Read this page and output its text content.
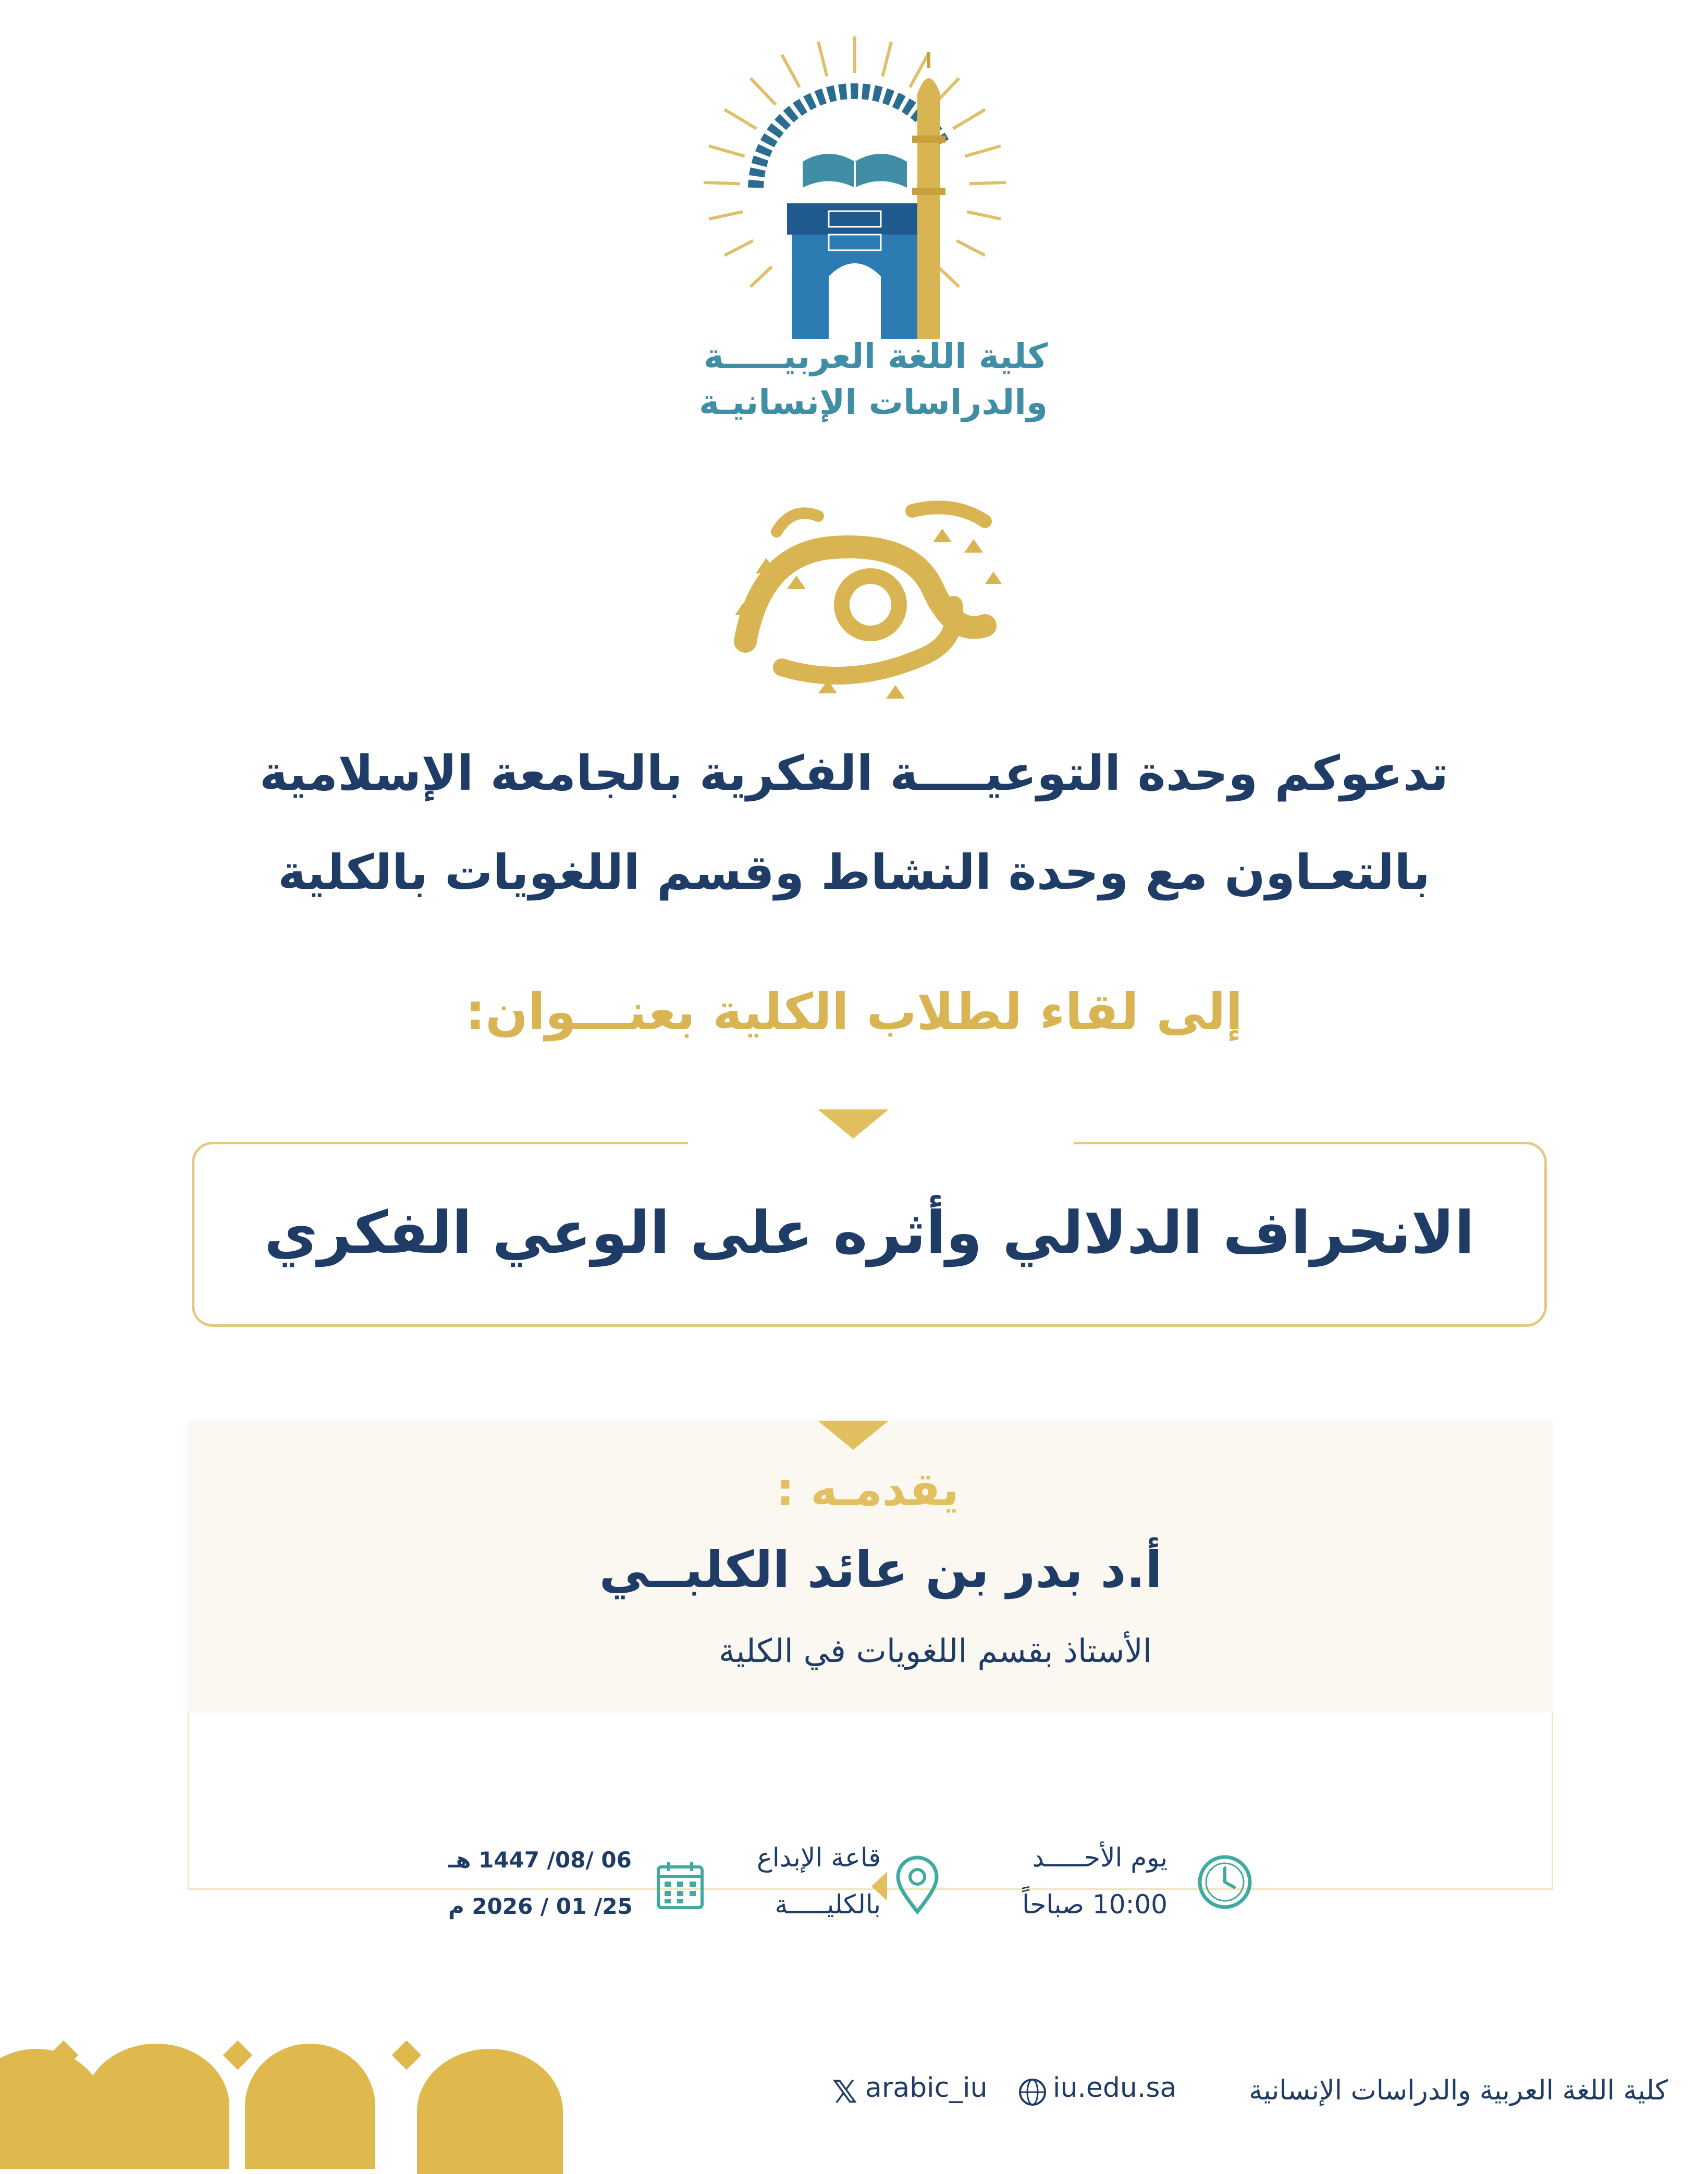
كلية اللغة العربيـــــة
والدراسات الإنسانيـة
تدعوكم وحدة التوعيــــة الفكرية بالجامعة الإسلامية
بالتعـاون مع وحدة النشاط وقسم اللغويات بالكلية
إلى لقاء لطلاب الكلية بعنـــوان:
الانحراف الدلالي وأثره على الوعي الفكري
يقدمـه :
أ.د بدر بن عائد الكلبــي
الأستاذ بقسم اللغويات في الكلية
يوم الأحـــــد
10:00 صباحاً
قاعة الإبداع
بالكليـــــة
06 /08/ 1447 هـ
25/ 01 / 2026 م
كلية اللغة العربية والدراسات الإنسانية
iu.edu.sa
arabic_iu
𝕏
